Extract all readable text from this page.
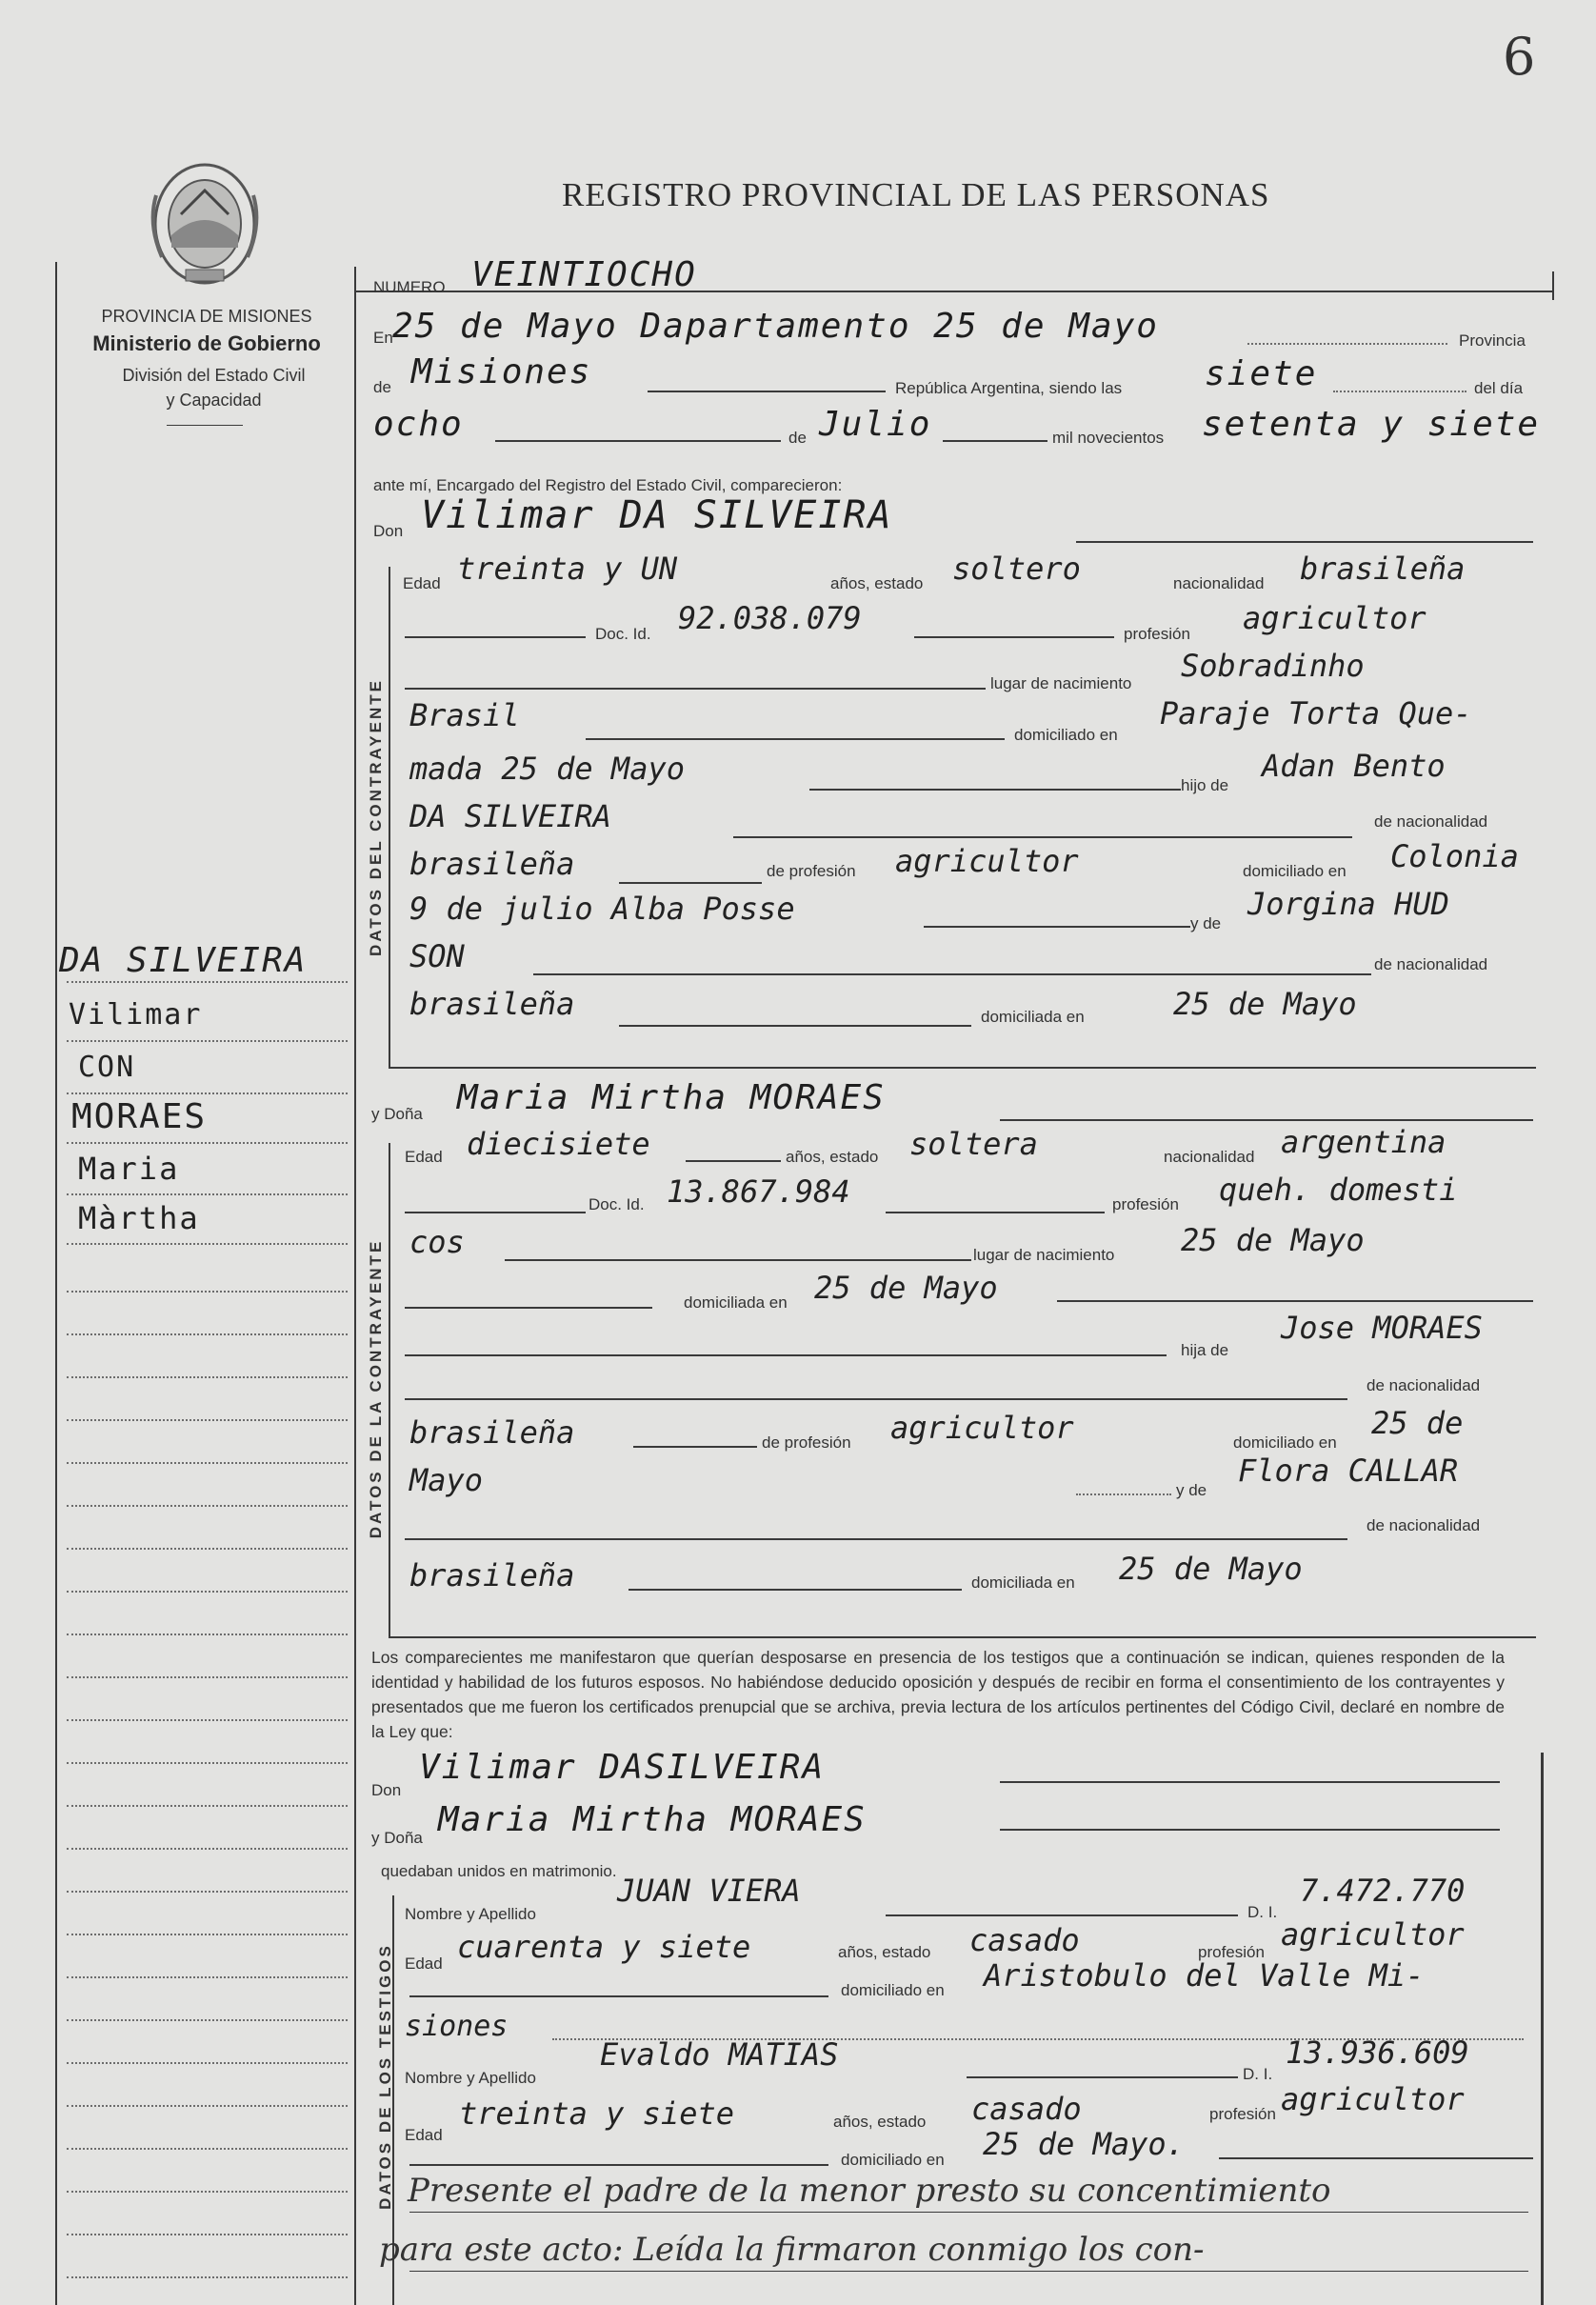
6
PROVINCIA DE MISIONES
Ministerio de Gobierno
División del Estado Civil
y Capacidad
REGISTRO PROVINCIAL DE LAS PERSONAS
DA SILVEIRA
Vilimar
CON
MORAES
Maria
Màrtha
NUMERO VEINTIOCHO
En 25 de Mayo Dapartamento 25 de Mayo	Provincia
de Misiones	República Argentina, siendo las siete	del día
ocho	de Julio	mil novecientos setenta y siete
ante mí, Encargado del Registro del Estado Civil, comparecieron:
Don Vilimar DA SILVEIRA
DATOS DEL CONTRAYENTE
Edad treinta y UN	años, estado soltero	nacionalidad brasileña
Doc. Id. 92.038.079	profesión agricultor
lugar de nacimiento Sobradinho
Brasil
domiciliado en
Paraje Torta Que-
mada 25 de Mayo	hijo de
Adan Bento
DA SILVEIRA	de nacionalidad
brasileña	de profesión agricultor	domiciliado en Colonia
9 de julio Alba Posse	y de
Jorgina HUD
SON	de nacionalidad
brasileña	domiciliada en	25 de Mayo
y Doña Maria Mirtha MORAES
DATOS DE LA CONTRAYENTE
Edad diecisiete	años, estado soltera	nacionalidad argentina
Doc. Id. 13.867.984	profesión queh. domesti
cos	lugar de nacimiento 25 de Mayo
domiciliada en 25 de Mayo
hija de
Jose MORAES
de nacionalidad
brasileña	de profesión agricultor	domiciliado en
25 de
Mayo	y de
Flora CALLAR
de nacionalidad
brasileña	domiciliada en 25 de Mayo
Los comparecientes me manifestaron que querían desposarse en presencia de los testigos que a continuación se indican, quienes responden de la identidad y habilidad de los futuros esposos. No habiéndose deducido oposición y después de recibir en forma el consentimiento de los contrayentes y presentados que me fueron los certificados prenupcial que se archiva, previa lectura de los artículos pertinentes del Código Civil, declaré en nombre de la Ley que:
Don
Vilimar DASILVEIRA
y Doña Maria Mirtha MORAES
quedaban unidos en matrimonio.
DATOS DE LOS TESTIGOS
Nombre y Apellido
JUAN VIERA
D. I.
7.472.770
Edad cuarenta y siete	años, estado casado	profesión agricultor
domiciliado en Aristobulo del Valle Mi-
siones
Nombre y Apellido
Evaldo MATIAS
D. I.
13.936.609
Edad
treinta y siete	años, estado casado	profesión agricultor
domiciliado en 25 de Mayo.
Presente el padre de la menor presto su concentimiento
para este acto: Leída la firmaron conmigo los con-
